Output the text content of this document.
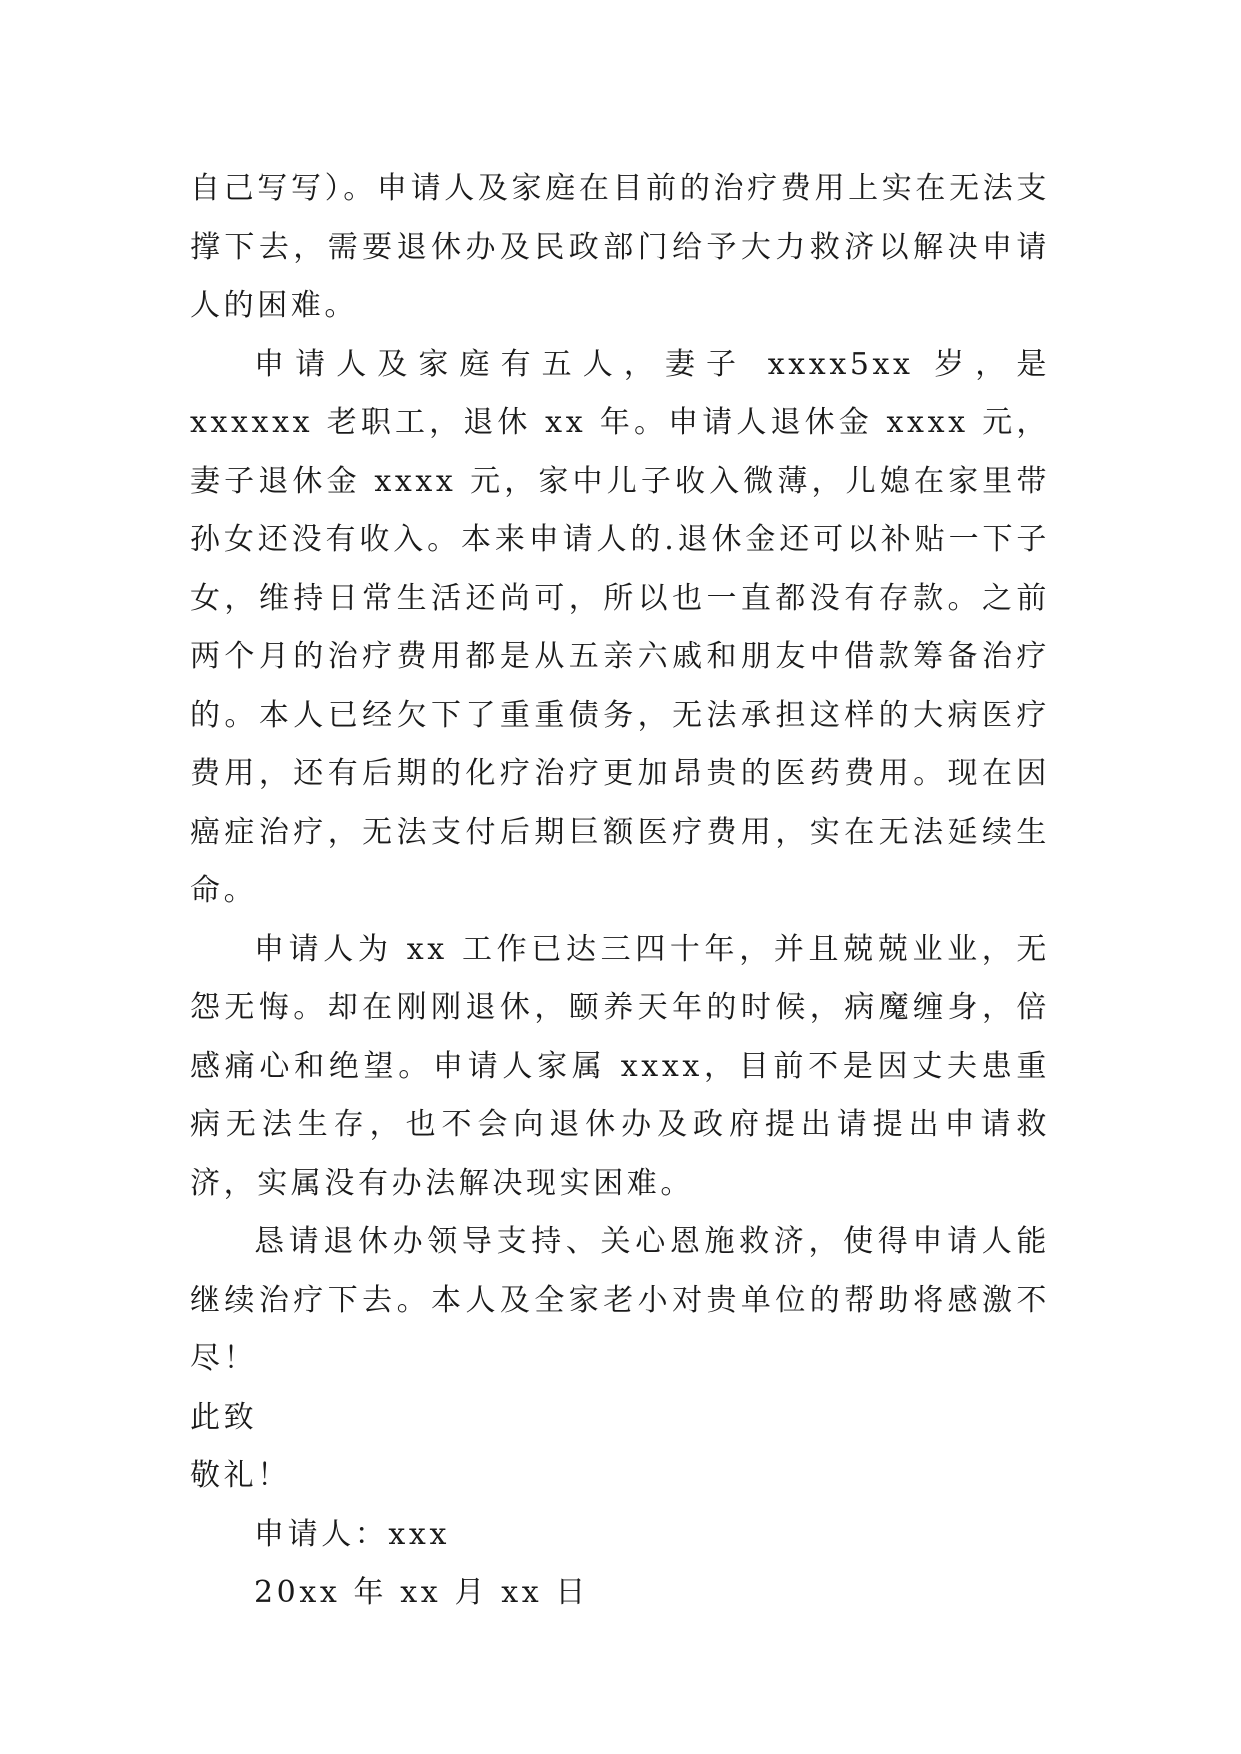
自己写写）。申请人及家庭在目前的治疗费用上实在无法支撑下去，需要退休办及民政部门给予大力救济以解决申请人的困难。

申请人及家庭有五人，妻子 xxxx5xx 岁，是 xxxxxx 老职工，退休 xx 年。申请人退休金 xxxx 元，妻子退休金 xxxx 元，家中儿子收入微薄，儿媳在家里带孙女还没有收入。本来申请人的.退休金还可以补贴一下子女，维持日常生活还尚可，所以也一直都没有存款。之前两个月的治疗费用都是从五亲六戚和朋友中借款筹备治疗的。本人已经欠下了重重债务，无法承担这样的大病医疗费用，还有后期的化疗治疗更加昂贵的医药费用。现在因癌症治疗，无法支付后期巨额医疗费用，实在无法延续生命。

申请人为 xx 工作已达三四十年，并且兢兢业业，无怨无悔。却在刚刚退休，颐养天年的时候，病魔缠身，倍感痛心和绝望。申请人家属 xxxx，目前不是因丈夫患重病无法生存，也不会向退休办及政府提出请提出申请救济，实属没有办法解决现实困难。

恳请退休办领导支持、关心恩施救济，使得申请人能继续治疗下去。本人及全家老小对贵单位的帮助将感激不尽！

此致

敬礼！

申请人：xxx

20xx 年 xx 月 xx 日
